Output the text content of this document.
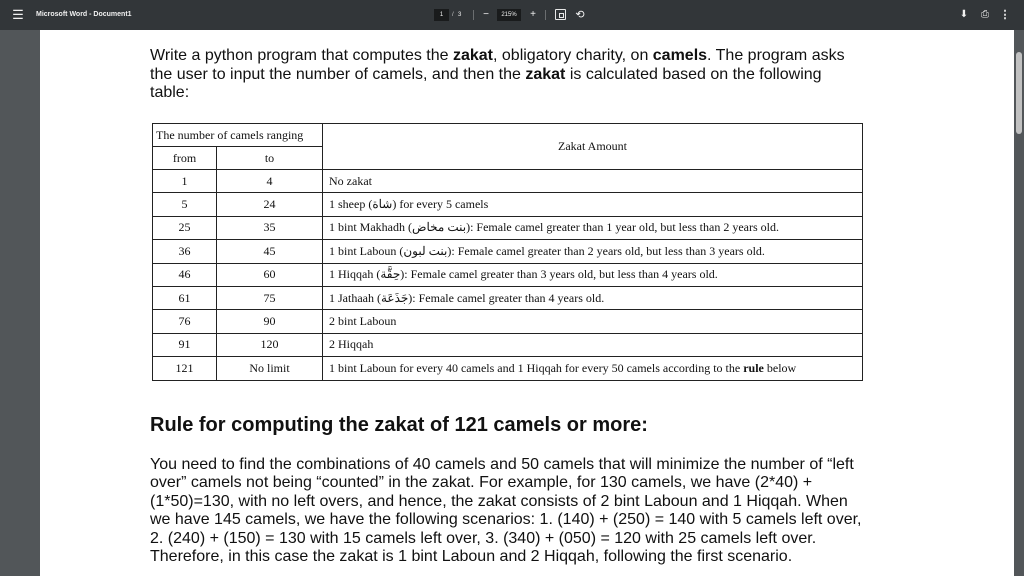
☰	Microsoft Word - Document1	1	/ 3	−	215%	+	⟲	⬇	⎙ ⋮
Write a python program that computes the zakat, obligatory charity, on camels. The program asks the user to input the number of camels, and then the zakat is calculated based on the following table:
The number of camels ranging		Zakat Amount
from	to	
1	4	No zakat
5	24	1 sheep (شاة) for every 5 camels
25	35	1 bint Makhadh (بنت مخاض): Female camel greater than 1 year old, but less than 2 years old.
36	45	1 bint Laboun (بنت لبون): Female camel greater than 2 years old, but less than 3 years old.
46	60	1 Hiqqah (حِقَّة): Female camel greater than 3 years old, but less than 4 years old.
61	75	1 Jathaah (جَذَعَة): Female camel greater than 4 years old.
76	90	2 bint Laboun
91	120	2 Hiqqah
121	No limit	1 bint Laboun for every 40 camels and 1 Hiqqah for every 50 camels according to the rule below
Rule for computing the zakat of 121 camels or more:
You need to find the combinations of 40 camels and 50 camels that will minimize the number of “left over” camels not being “counted” in the zakat. For example, for 130 camels, we have (2*40) + (1*50)=130, with no left overs, and hence, the zakat consists of 2 bint Laboun and 1 Hiqqah. When we have 145 camels, we have the following scenarios: 1. (140) + (250) = 140 with 5 camels left over, 2. (240) + (150) = 130 with 15 camels left over, 3. (340) + (050) = 120 with 25 camels left over. Therefore, in this case the zakat is 1 bint Laboun and 2 Hiqqah, following the first scenario.
